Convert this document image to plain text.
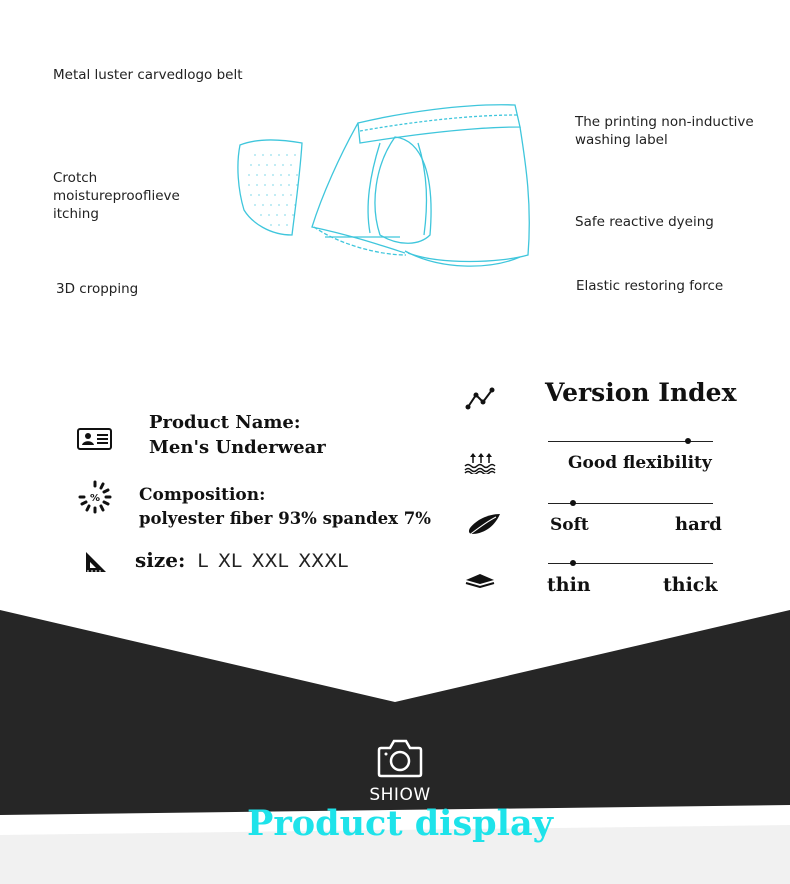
Metal luster carvedlogo belt
Crotch
moistureprooflieve
itching
3D cropping
The printing non-inductive
washing label
Safe reactive dyeing
Elastic restoring force
Product Name:
Men's Underwear
% Composition:
polyester fiber 93% spandex 7%
size: L XL XXL XXXL
Version Index
Good flexibility
Soft	hard
thin	thick
SHIOW
Product display
